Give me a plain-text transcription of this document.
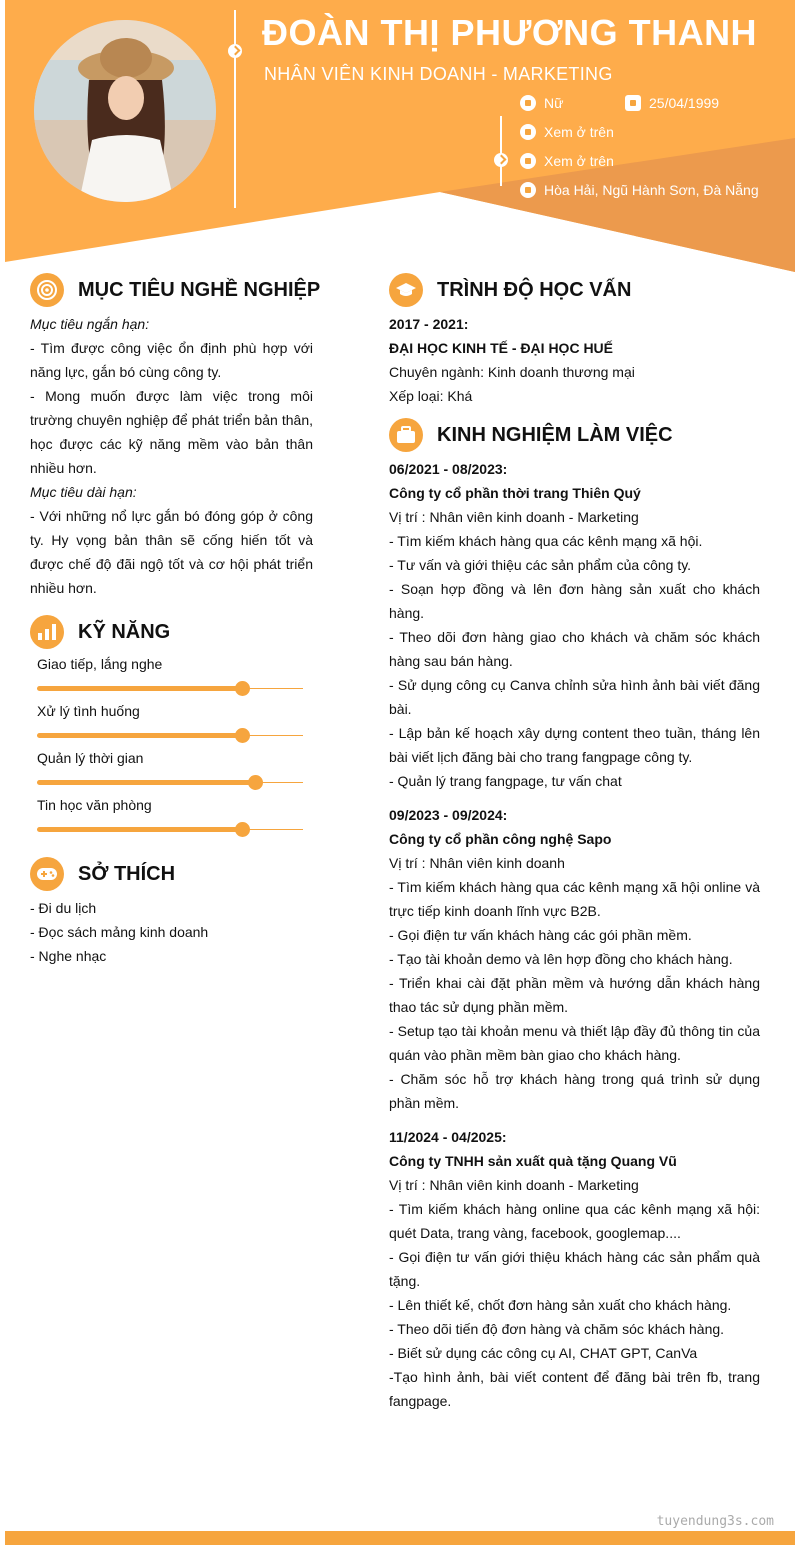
ĐOÀN THỊ PHƯƠNG THANH
NHÂN VIÊN KINH DOANH - MARKETING
Nữ	25/04/1999
Xem ở trên
Xem ở trên
Hòa Hải, Ngũ Hành Sơn, Đà Nẵng
MỤC TIÊU NGHỀ NGHIỆP

Mục tiêu ngắn hạn:

- Tìm được công việc ổn định phù hợp với năng lực, gắn bó cùng công ty.

- Mong muốn được làm việc trong môi trường chuyên nghiệp để phát triển bản thân, học được các kỹ năng mềm vào bản thân nhiều hơn.

Mục tiêu dài hạn:

- Với những nổ lực gắn bó đóng góp ở công ty. Hy vọng bản thân sẽ cống hiến tốt và được chế độ đãi ngộ tốt và cơ hội phát triển nhiều hơn.

KỸ NĂNG
Giao tiếp, lắng nghe
Xử lý tình huống
Quản lý thời gian
Tin học văn phòng
SỞ THÍCH

- Đi du lịch

- Đọc sách mảng kinh doanh

- Nghe nhạc

TRÌNH ĐỘ HỌC VẤN
2017 - 2021:
ĐẠI HỌC KINH TẾ - ĐẠI HỌC HUẾ
Chuyên ngành: Kinh doanh thương mại
Xếp loại: Khá
KINH NGHIỆM LÀM VIỆC
06/2021 - 08/2023:
Công ty cổ phần thời trang Thiên Quý
Vị trí : Nhân viên kinh doanh - Marketing
- Tìm kiếm khách hàng qua các kênh mạng xã hội.
- Tư vấn và giới thiệu các sản phẩm của công ty.
- Soạn hợp đồng và lên đơn hàng sản xuất cho khách hàng.
- Theo dõi đơn hàng giao cho khách và chăm sóc khách hàng sau bán hàng.
- Sử dụng công cụ Canva chỉnh sửa hình ảnh bài viết đăng bài.
- Lập bản kế hoạch xây dựng content theo tuần, tháng lên bài viết lịch đăng bài cho trang fangpage công ty.
- Quản lý trang fangpage, tư vấn chat
09/2023 - 09/2024:
Công ty cổ phần công nghệ Sapo
Vị trí : Nhân viên kinh doanh
- Tìm kiếm khách hàng qua các kênh mạng xã hội online và trực tiếp kinh doanh lĩnh vực B2B.
- Gọi điện tư vấn khách hàng các gói phần mềm.
- Tạo tài khoản demo và lên hợp đồng cho khách hàng.
- Triển khai cài đặt phần mềm và hướng dẫn khách hàng thao tác sử dụng phần mềm.
- Setup tạo tài khoản menu và thiết lập đầy đủ thông tin của quán vào phần mềm bàn giao cho khách hàng.
- Chăm sóc hỗ trợ khách hàng trong quá trình sử dụng phần mềm.
11/2024 - 04/2025:
Công ty TNHH sản xuất quà tặng Quang Vũ
Vị trí : Nhân viên kinh doanh - Marketing
- Tìm kiếm khách hàng online qua các kênh mạng xã hội: quét Data, trang vàng, facebook, googlemap....
- Gọi điện tư vấn giới thiệu khách hàng các sản phẩm quà tặng.
- Lên thiết kế, chốt đơn hàng sản xuất cho khách hàng.
- Theo dõi tiến độ đơn hàng và chăm sóc khách hàng.
- Biết sử dụng các công cụ AI, CHAT GPT, CanVa
-Tạo hình ảnh, bài viết content để đăng bài trên fb, trang fangpage.
tuyendung3s.com
